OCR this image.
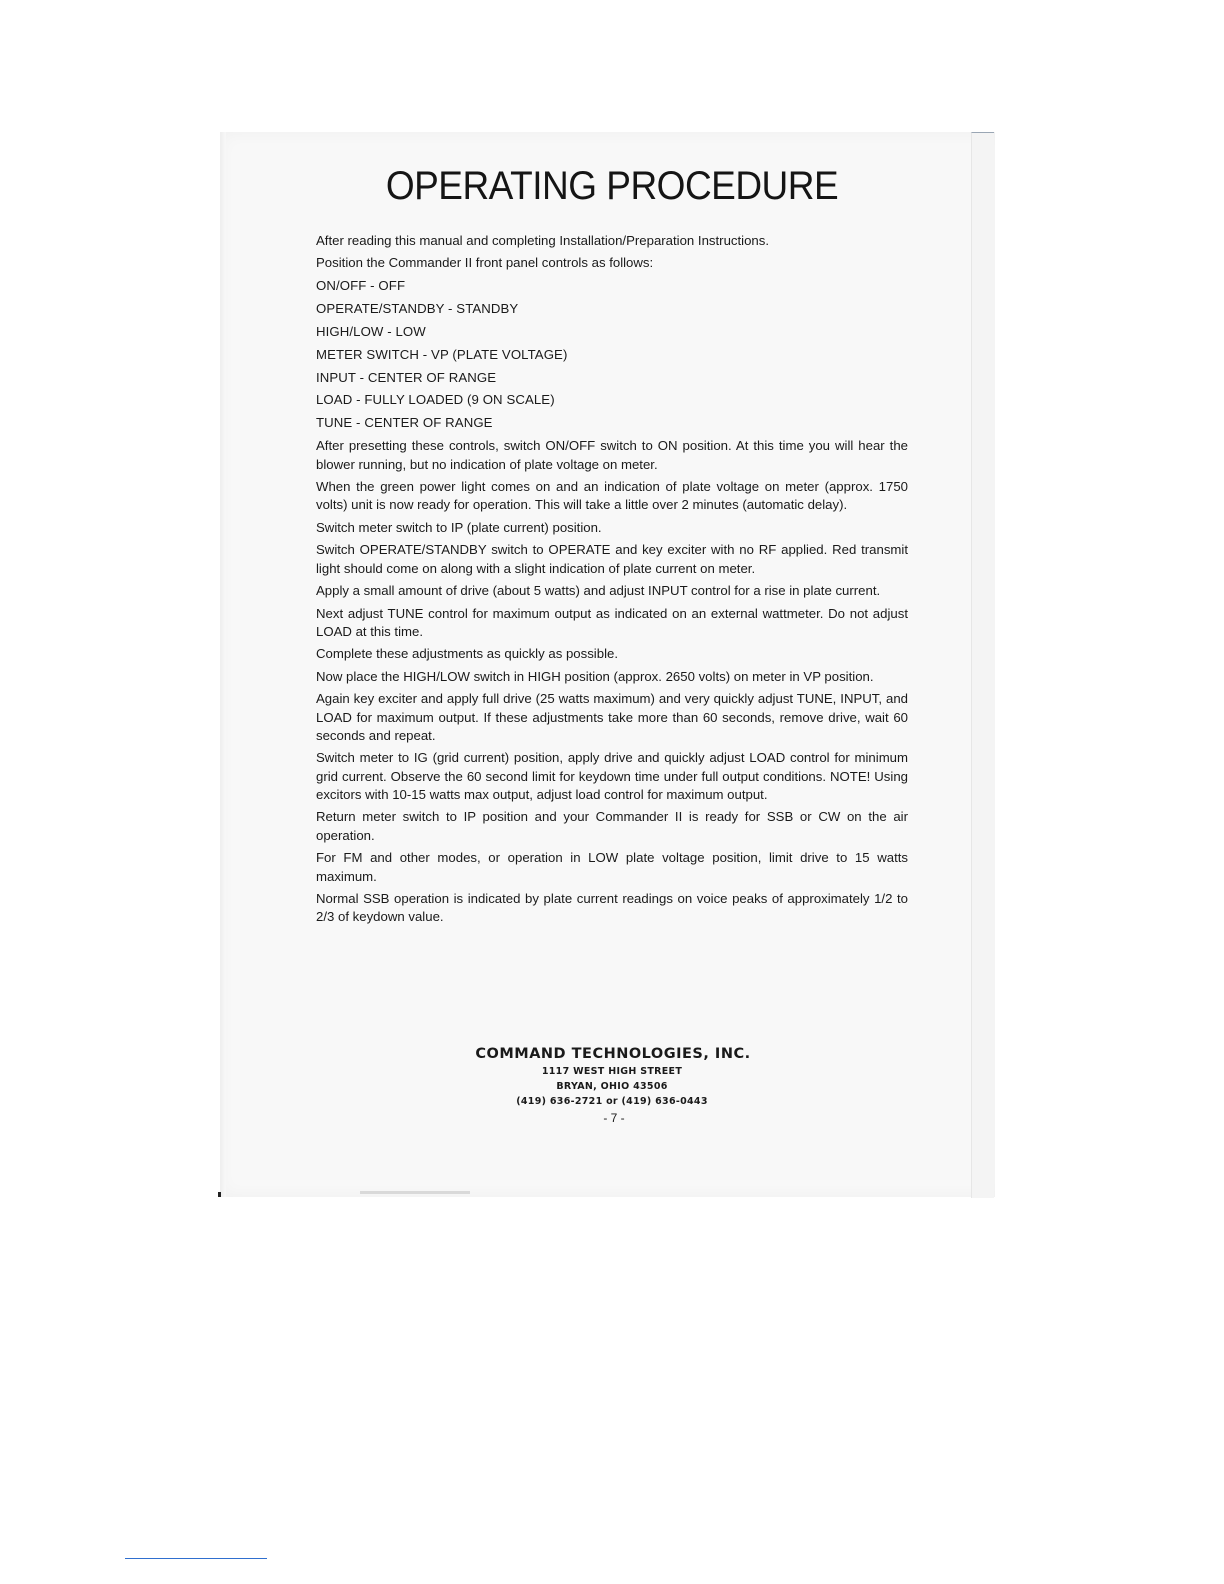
OPERATING PROCEDURE

After reading this manual and completing Installation/Preparation Instructions.

Position the Commander II front panel controls as follows:

ON/OFF - OFF

OPERATE/STANDBY - STANDBY

HIGH/LOW - LOW

METER SWITCH - VP (PLATE VOLTAGE)

INPUT - CENTER OF RANGE

LOAD - FULLY LOADED (9 ON SCALE)

TUNE - CENTER OF RANGE

After presetting these controls, switch ON/OFF switch to ON position. At this time you will hear the blower running, but no indication of plate voltage on meter.

When the green power light comes on and an indication of plate voltage on meter (approx. 1750 volts) unit is now ready for operation. This will take a little over 2 minutes (automatic delay).

Switch meter switch to IP (plate current) position.

Switch OPERATE/STANDBY switch to OPERATE and key exciter with no RF applied. Red transmit light should come on along with a slight indication of plate current on meter.

Apply a small amount of drive (about 5 watts) and adjust INPUT control for a rise in plate current.

Next adjust TUNE control for maximum output as indicated on an external wattmeter. Do not adjust LOAD at this time.

Complete these adjustments as quickly as possible.

Now place the HIGH/LOW switch in HIGH position (approx. 2650 volts) on meter in VP position.

Again key exciter and apply full drive (25 watts maximum) and very quickly adjust TUNE, INPUT, and LOAD for maximum output. If these adjustments take more than 60 seconds, remove drive, wait 60 seconds and repeat.

Switch meter to IG (grid current) position, apply drive and quickly adjust LOAD control for minimum grid current. Observe the 60 second limit for keydown time under full output conditions. NOTE! Using excitors with 10-15 watts max output, adjust load control for maximum output.

Return meter switch to IP position and your Commander II is ready for SSB or CW on the air operation.

For FM and other modes, or operation in LOW plate voltage position, limit drive to 15 watts maximum.

Normal SSB operation is indicated by plate current readings on voice peaks of approximately 1/2 to 2/3 of keydown value.

COMMAND TECHNOLOGIES, INC.
1117 WEST HIGH STREET
BRYAN, OHIO 43506
(419) 636-2721 or (419) 636-0443
- 7 -
